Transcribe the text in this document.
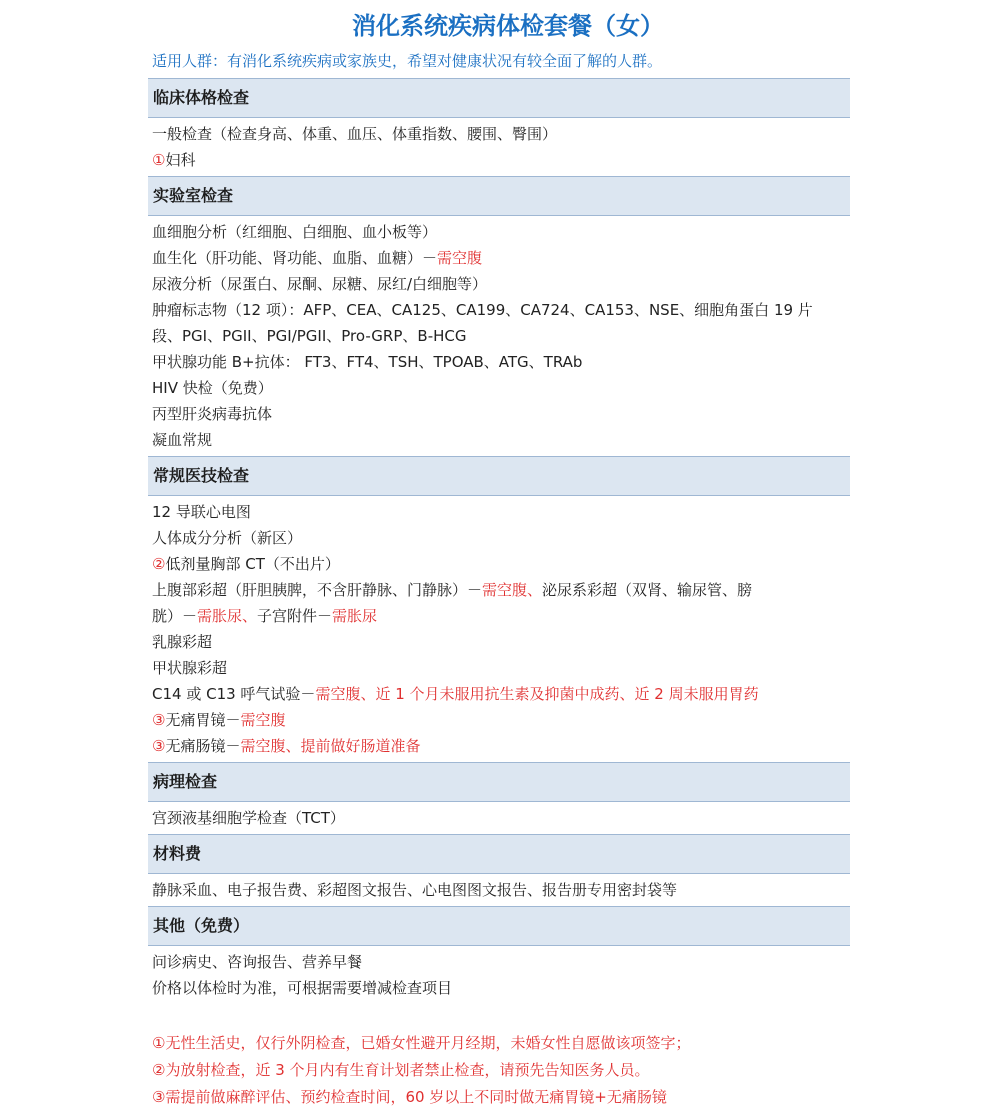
消化系统疾病体检套餐（女）
适用人群：有消化系统疾病或家族史，希望对健康状况有较全面了解的人群。
临床体格检查
一般检查（检查身高、体重、血压、体重指数、腰围、臀围）
①妇科
实验室检查
血细胞分析（红细胞、白细胞、血小板等）
血生化（肝功能、肾功能、血脂、血糖）－需空腹
尿液分析（尿蛋白、尿酮、尿糖、尿红/白细胞等）
肿瘤标志物（12 项）：AFP、CEA、CA125、CA199、CA724、CA153、NSE、细胞角蛋白 19 片
段、PGI、PGII、PGI/PGII、Pro-GRP、B-HCG
甲状腺功能 B+抗体： FT3、FT4、TSH、TPOAB、ATG、TRAb
HIV 快检（免费）
丙型肝炎病毒抗体
凝血常规
常规医技检查
12 导联心电图
人体成分分析（新区）
②低剂量胸部 CT（不出片）
上腹部彩超（肝胆胰脾，不含肝静脉、门静脉）－需空腹、泌尿系彩超（双肾、输尿管、膀
胱）－需胀尿、子宫附件－需胀尿
乳腺彩超
甲状腺彩超
C14 或 C13 呼气试验－需空腹、近 1 个月未服用抗生素及抑菌中成药、近 2 周未服用胃药
③无痛胃镜－需空腹
③无痛肠镜－需空腹、提前做好肠道准备
病理检查
宫颈液基细胞学检查（TCT）
材料费
静脉采血、电子报告费、彩超图文报告、心电图图文报告、报告册专用密封袋等
其他（免费）
问诊病史、咨询报告、营养早餐
价格以体检时为准，可根据需要增减检查项目
①无性生活史，仅行外阴检查，已婚女性避开月经期，未婚女性自愿做该项签字；
②为放射检查，近 3 个月内有生育计划者禁止检查，请预先告知医务人员。
③需提前做麻醉评估、预约检查时间，60 岁以上不同时做无痛胃镜+无痛肠镜
